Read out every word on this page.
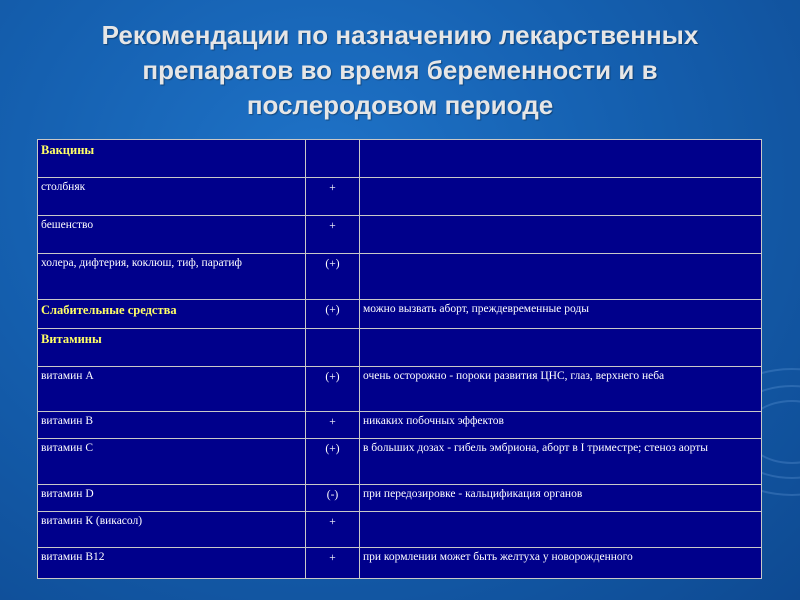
Рекомендации по назначению лекарственных
препаратов во время беременности и в
послеродовом периоде
Вакцины		
столбняк	+	
бешенство	+	
холера, дифтерия, коклюш, тиф, паратиф	(+)	
Слабительные средства	(+)	можно вызвать аборт, преждевременные роды
Витамины		
витамин А	(+)	очень осторожно - пороки развития ЦНС, глаз, верхнего неба
витамин В	+	никаких побочных эффектов
витамин С	(+)	в больших дозах - гибель эмбриона, аборт в I триместре; стеноз аорты
витамин D	(-)	при передозировке - кальцификация органов
витамин К (викасол)	+	
витамин В12	+	при кормлении может быть желтуха у новорожденного
